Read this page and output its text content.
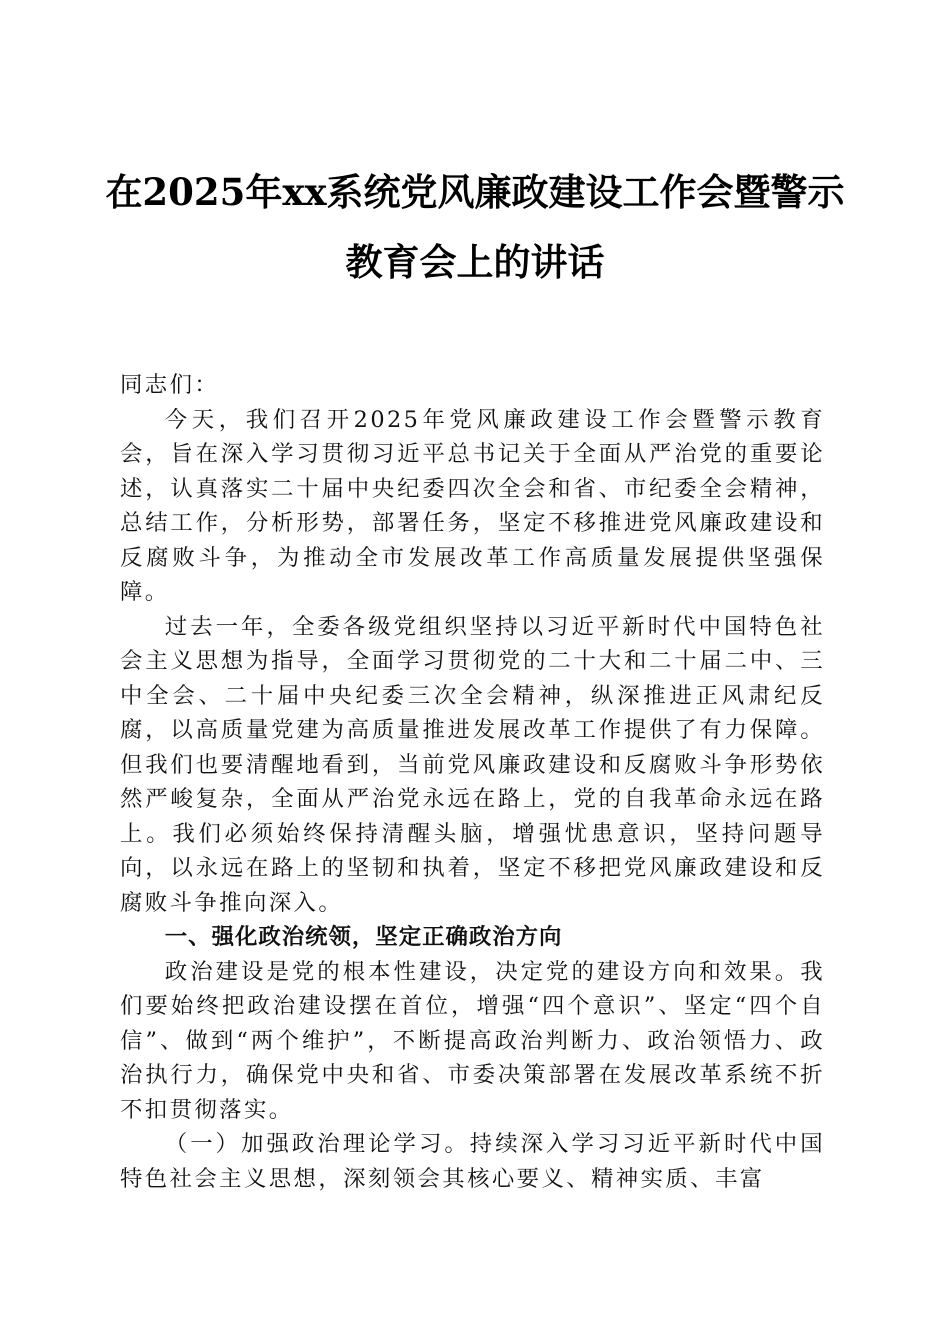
在2025年xx系统党风廉政建设工作会暨警示
教育会上的讲话

同志们：

今天，我们召开2025年党风廉政建设工作会暨警示教育会，旨在深入学习贯彻习近平总书记关于全面从严治党的重要论述，认真落实二十届中央纪委四次全会和省、市纪委全会精神，总结工作，分析形势，部署任务，坚定不移推进党风廉政建设和反腐败斗争，为推动全市发展改革工作高质量发展提供坚强保障。

过去一年，全委各级党组织坚持以习近平新时代中国特色社会主义思想为指导，全面学习贯彻党的二十大和二十届二中、三中全会、二十届中央纪委三次全会精神，纵深推进正风肃纪反腐，以高质量党建为高质量推进发展改革工作提供了有力保障。但我们也要清醒地看到，当前党风廉政建设和反腐败斗争形势依然严峻复杂，全面从严治党永远在路上，党的自我革命永远在路上。我们必须始终保持清醒头脑，增强忧患意识，坚持问题导向，以永远在路上的坚韧和执着，坚定不移把党风廉政建设和反腐败斗争推向深入。

一、强化政治统领，坚定正确政治方向

政治建设是党的根本性建设，决定党的建设方向和效果。我们要始终把政治建设摆在首位，增强“四个意识”、坚定“四个自信”、做到“两个维护”，不断提高政治判断力、政治领悟力、政治执行力，确保党中央和省、市委决策部署在发展改革系统不折不扣贯彻落实。

（一）加强政治理论学习。持续深入学习习近平新时代中国特色社会主义思想，深刻领会其核心要义、精神实质、丰富
